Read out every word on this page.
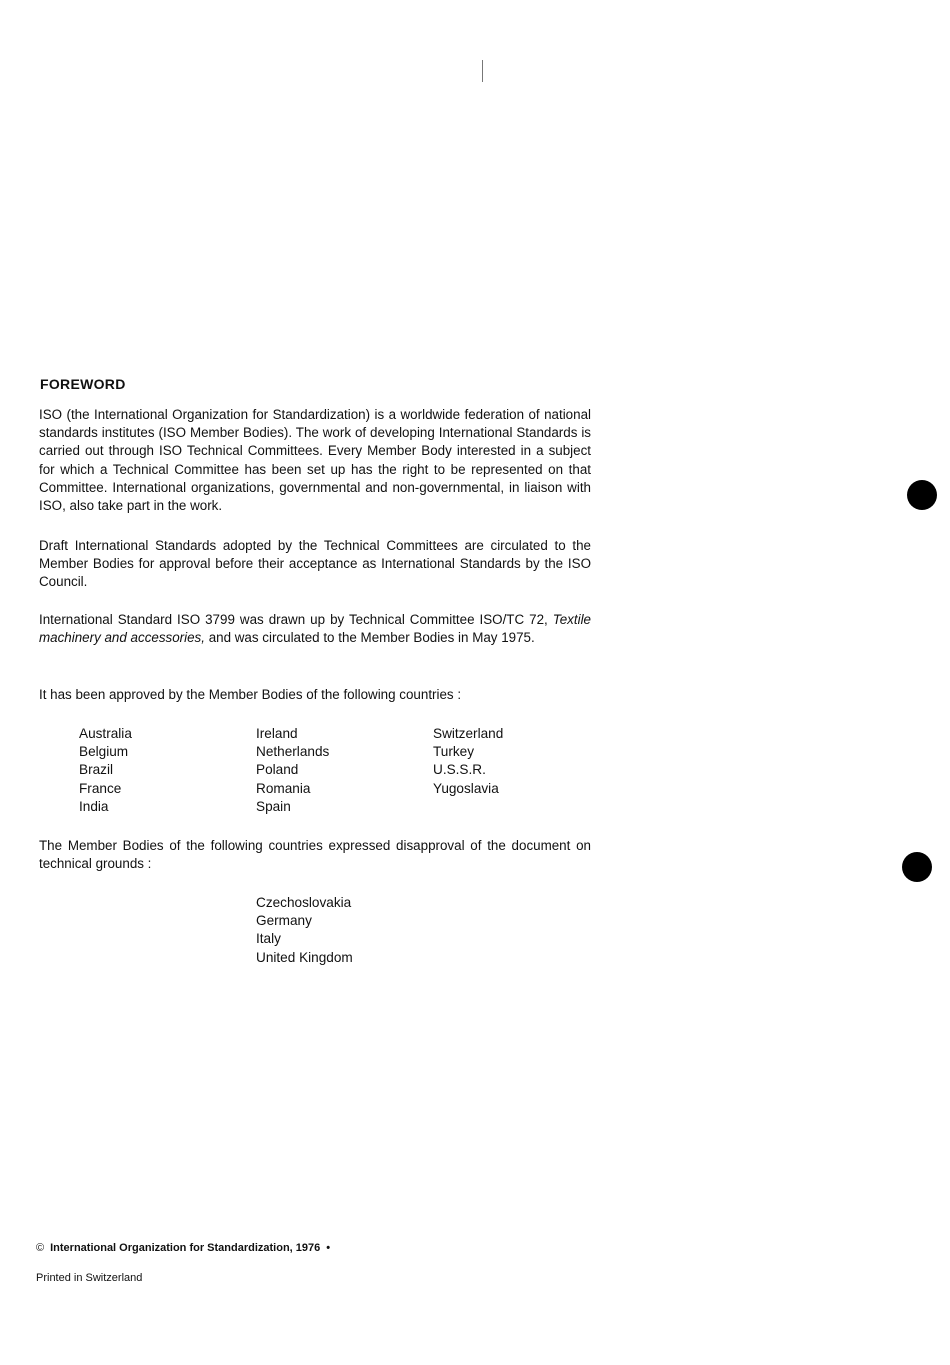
FOREWORD

ISO (the International Organization for Standardization) is a worldwide federation of national standards institutes (ISO Member Bodies). The work of developing International Standards is carried out through ISO Technical Committees. Every Member Body interested in a subject for which a Technical Committee has been set up has the right to be represented on that Committee. International organizations, governmental and non-governmental, in liaison with ISO, also take part in the work.

Draft International Standards adopted by the Technical Committees are circulated to the Member Bodies for approval before their acceptance as International Standards by the ISO Council.

International Standard ISO 3799 was drawn up by Technical Committee ISO/TC 72, Textile machinery and accessories, and was circulated to the Member Bodies in May 1975.

It has been approved by the Member Bodies of the following countries :

Australia
Belgium
Brazil
France
India
Ireland
Netherlands
Poland
Romania
Spain
Switzerland
Turkey
U.S.S.R.
Yugoslavia

The Member Bodies of the following countries expressed disapproval of the document on technical grounds :

Czechoslovakia
Germany
Italy
United Kingdom
© International Organization for Standardization, 1976 •
Printed in Switzerland
